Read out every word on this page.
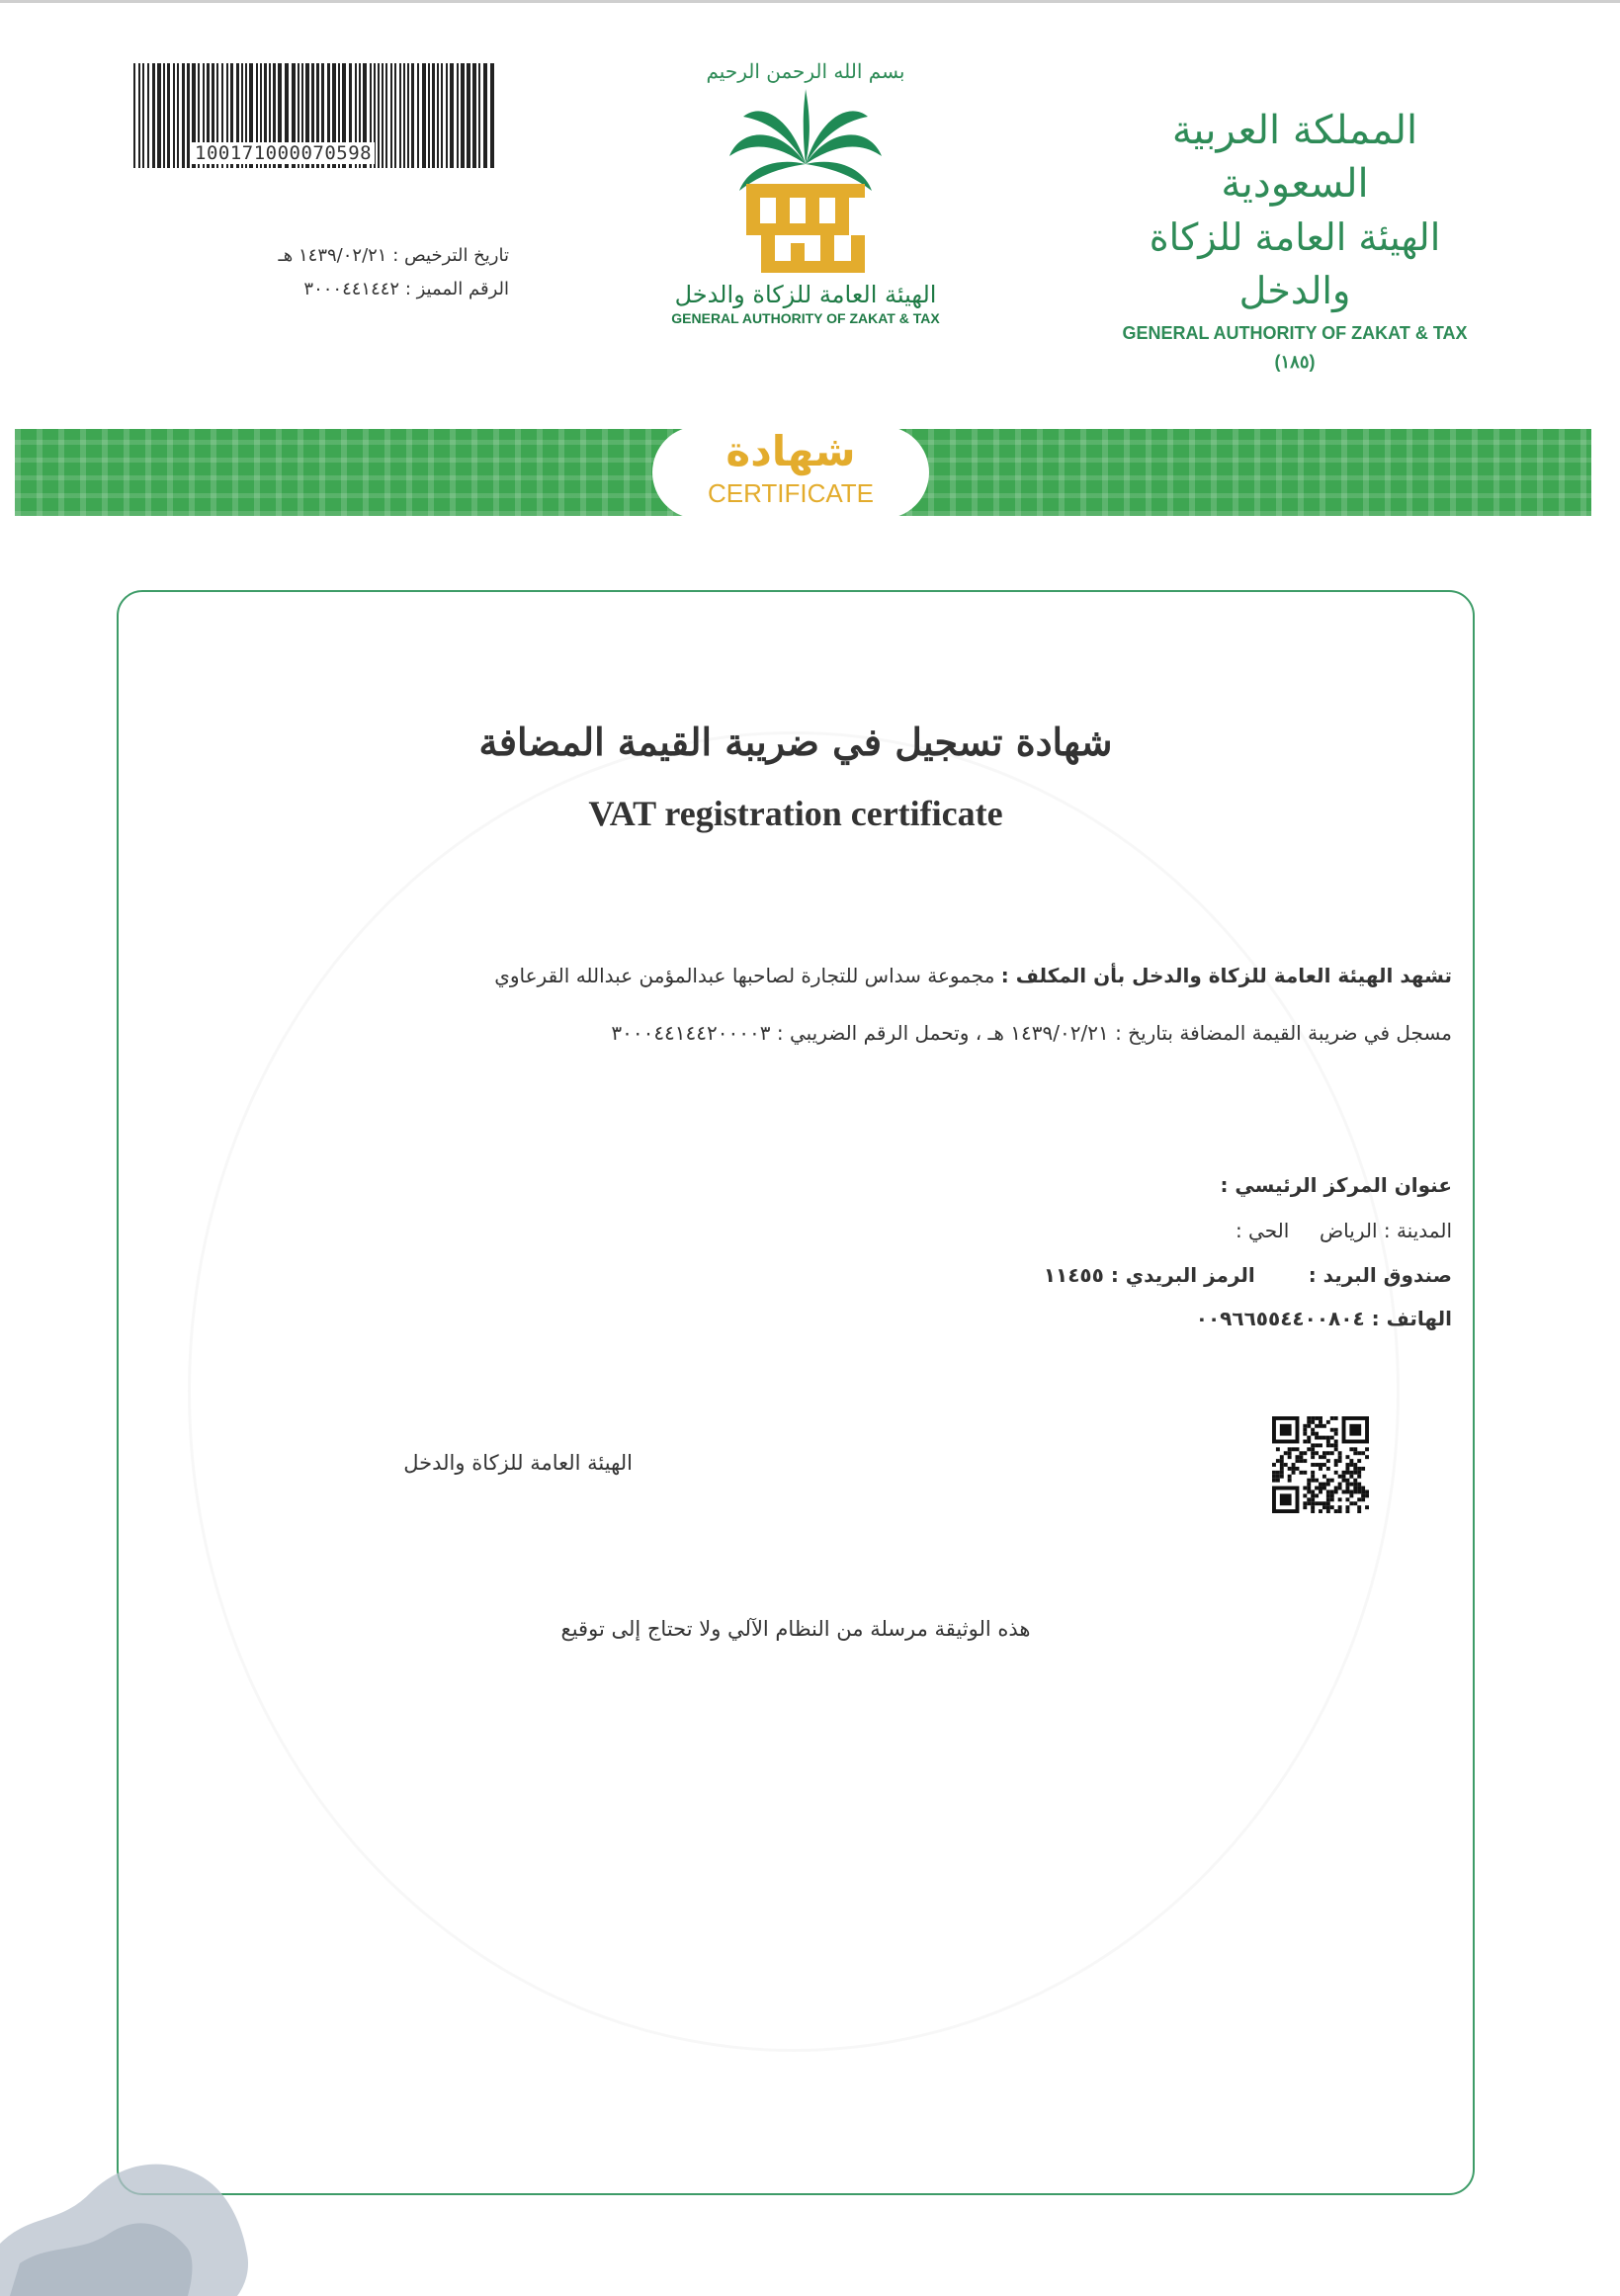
100171000070598
تاريخ الترخيص : ١٤٣٩/٠٢/٢١ هـ
الرقم المميز : ٣٠٠٠٤٤١٤٤٢
بسم الله الرحمن الرحيم
الهيئة العامة للزكاة والدخل
GENERAL AUTHORITY OF ZAKAT & TAX
المملكة العربية السعودية
الهيئة العامة للزكاة والدخل
GENERAL AUTHORITY OF ZAKAT & TAX
(١٨٥)
شهادة
CERTIFICATE
شهادة تسجيل في ضريبة القيمة المضافة
VAT registration certificate
تشهد الهيئة العامة للزكاة والدخل بأن المكلف : مجموعة سداس للتجارة لصاحبها عبدالمؤمن عبدالله القرعاوي
مسجل في ضريبة القيمة المضافة بتاريخ : ١٤٣٩/٠٢/٢١ هـ ، وتحمل الرقم الضريبي : ٣٠٠٠٤٤١٤٤٢٠٠٠٠٣
عنوان المركز الرئيسي :
المدينة : الرياض  الحي :
صندوق البريد :  الرمز البريدي : ١١٤٥٥
الهاتف : ٠٠٩٦٦٥٥٤٤٠٠٨٠٤
الهيئة العامة للزكاة والدخل
هذه الوثيقة مرسلة من النظام الآلي ولا تحتاج إلى توقيع
